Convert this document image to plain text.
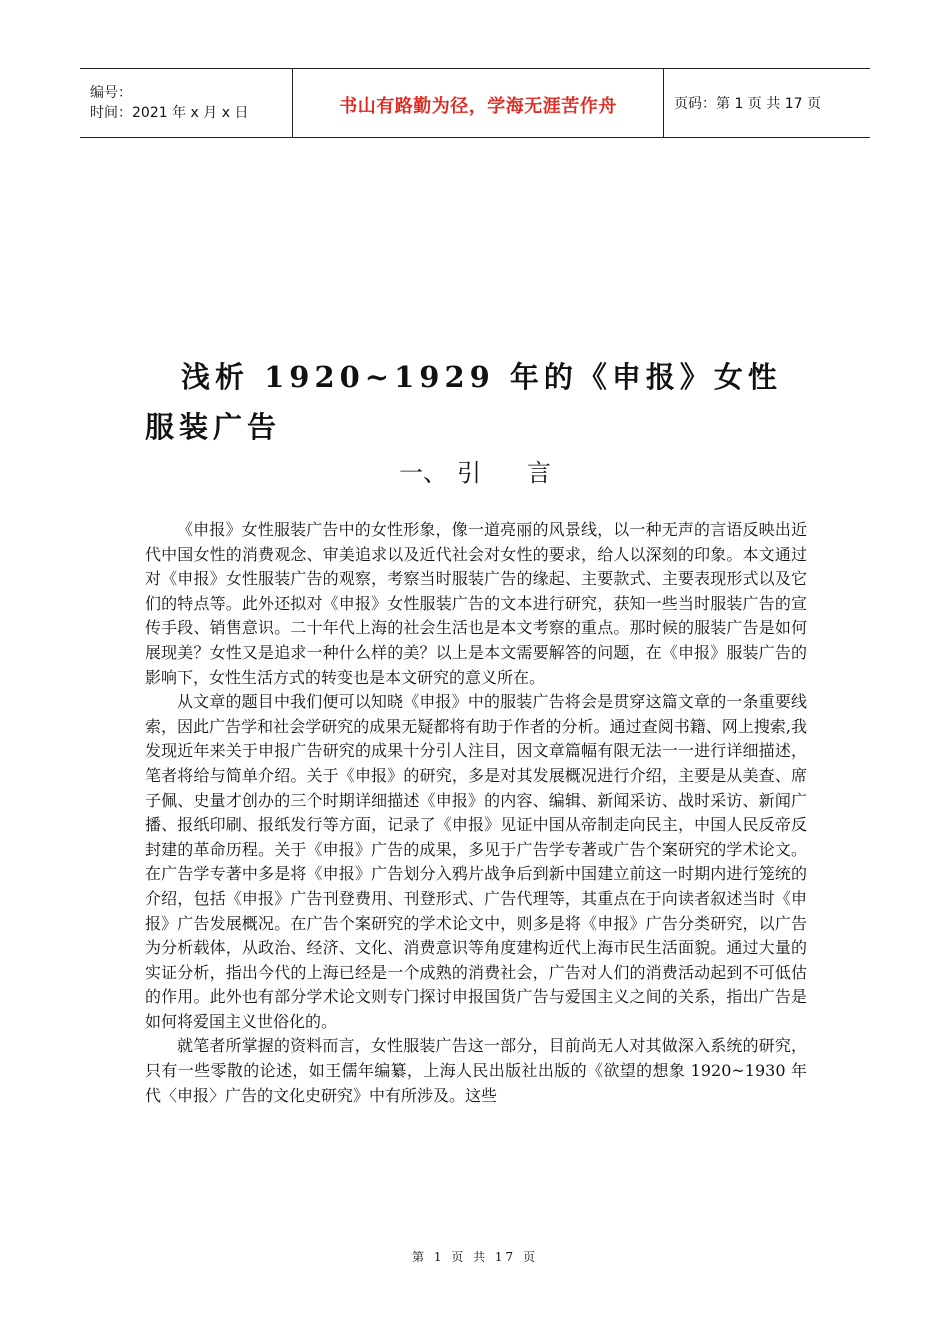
编号：
时间：2021 年 x 月 x 日	书山有路勤为径，学海无涯苦作舟	页码：第 1 页 共 17 页
浅析 1920~1929 年的《申报》女性服装广告
一、 引 言

《申报》女性服装广告中的女性形象，像一道亮丽的风景线，以一种无声的言语反映出近代中国女性的消费观念、审美追求以及近代社会对女性的要求，给人以深刻的印象。本文通过对《申报》女性服装广告的观察，考察当时服装广告的缘起、主要款式、主要表现形式以及它们的特点等。此外还拟对《申报》女性服装广告的文本进行研究，获知一些当时服装广告的宣传手段、销售意识。二十年代上海的社会生活也是本文考察的重点。那时候的服装广告是如何展现美？女性又是追求一种什么样的美？以上是本文需要解答的问题，在《申报》服装广告的影响下，女性生活方式的转变也是本文研究的意义所在。

从文章的题目中我们便可以知晓《申报》中的服装广告将会是贯穿这篇文章的一条重要线索，因此广告学和社会学研究的成果无疑都将有助于作者的分析。通过查阅书籍、网上搜索,我发现近年来关于申报广告研究的成果十分引人注目，因文章篇幅有限无法一一进行详细描述，笔者将给与简单介绍。关于《申报》的研究，多是对其发展概况进行介绍，主要是从美查、席子佩、史量才创办的三个时期详细描述《申报》的内容、编辑、新闻采访、战时采访、新闻广播、报纸印刷、报纸发行等方面，记录了《申报》见证中国从帝制走向民主，中国人民反帝反封建的革命历程。关于《申报》广告的成果，多见于广告学专著或广告个案研究的学术论文。在广告学专著中多是将《申报》广告划分入鸦片战争后到新中国建立前这一时期内进行笼统的介绍，包括《申报》广告刊登费用、刊登形式、广告代理等，其重点在于向读者叙述当时《申报》广告发展概况。在广告个案研究的学术论文中，则多是将《申报》广告分类研究，以广告为分析载体，从政治、经济、文化、消费意识等角度建构近代上海市民生活面貌。通过大量的实证分析，指出今代的上海已经是一个成熟的消费社会，广告对人们的消费活动起到不可低估的作用。此外也有部分学术论文则专门探讨申报国货广告与爱国主义之间的关系，指出广告是如何将爱国主义世俗化的。

就笔者所掌握的资料而言，女性服装广告这一部分，目前尚无人对其做深入系统的研究，只有一些零散的论述，如王儒年编纂，上海人民出版社出版的《欲望的想象 1920~1930 年代〈申报〉广告的文化史研究》中有所涉及。这些

第 1 页 共 17 页
